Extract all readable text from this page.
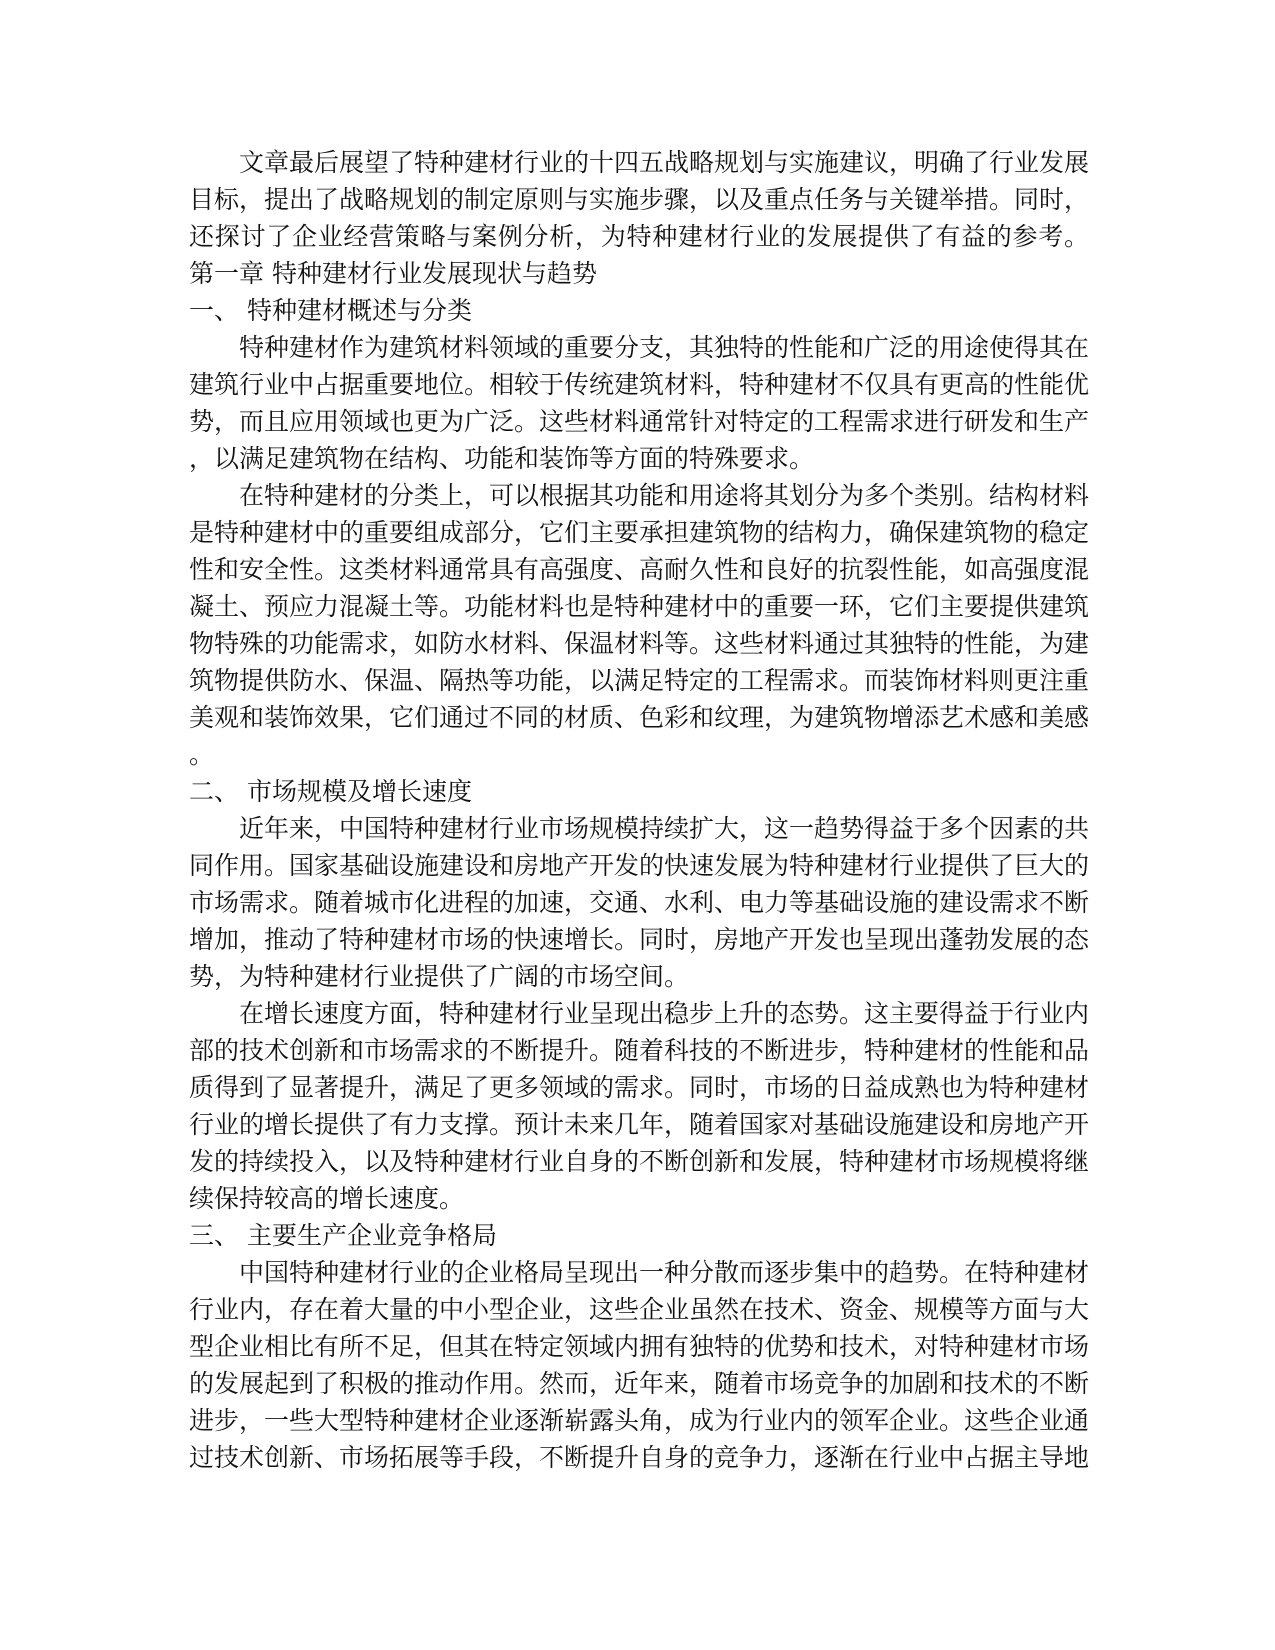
文章最后展望了特种建材行业的十四五战略规划与实施建议，明确了行业发展
目标，提出了战略规划的制定原则与实施步骤，以及重点任务与关键举措。同时，
还探讨了企业经营策略与案例分析，为特种建材行业的发展提供了有益的参考。
第一章 特种建材行业发展现状与趋势
一、 特种建材概述与分类
特种建材作为建筑材料领域的重要分支，其独特的性能和广泛的用途使得其在
建筑行业中占据重要地位。相较于传统建筑材料，特种建材不仅具有更高的性能优
势，而且应用领域也更为广泛。这些材料通常针对特定的工程需求进行研发和生产
，以满足建筑物在结构、功能和装饰等方面的特殊要求。
在特种建材的分类上，可以根据其功能和用途将其划分为多个类别。结构材料
是特种建材中的重要组成部分，它们主要承担建筑物的结构力，确保建筑物的稳定
性和安全性。这类材料通常具有高强度、高耐久性和良好的抗裂性能，如高强度混
凝土、预应力混凝土等。功能材料也是特种建材中的重要一环，它们主要提供建筑
物特殊的功能需求，如防水材料、保温材料等。这些材料通过其独特的性能，为建
筑物提供防水、保温、隔热等功能，以满足特定的工程需求。而装饰材料则更注重
美观和装饰效果，它们通过不同的材质、色彩和纹理，为建筑物增添艺术感和美感
。
二、 市场规模及增长速度
近年来，中国特种建材行业市场规模持续扩大，这一趋势得益于多个因素的共
同作用。国家基础设施建设和房地产开发的快速发展为特种建材行业提供了巨大的
市场需求。随着城市化进程的加速，交通、水利、电力等基础设施的建设需求不断
增加，推动了特种建材市场的快速增长。同时，房地产开发也呈现出蓬勃发展的态
势，为特种建材行业提供了广阔的市场空间。
在增长速度方面，特种建材行业呈现出稳步上升的态势。这主要得益于行业内
部的技术创新和市场需求的不断提升。随着科技的不断进步，特种建材的性能和品
质得到了显著提升，满足了更多领域的需求。同时，市场的日益成熟也为特种建材
行业的增长提供了有力支撑。预计未来几年，随着国家对基础设施建设和房地产开
发的持续投入，以及特种建材行业自身的不断创新和发展，特种建材市场规模将继
续保持较高的增长速度。
三、 主要生产企业竞争格局
中国特种建材行业的企业格局呈现出一种分散而逐步集中的趋势。在特种建材
行业内，存在着大量的中小型企业，这些企业虽然在技术、资金、规模等方面与大
型企业相比有所不足，但其在特定领域内拥有独特的优势和技术，对特种建材市场
的发展起到了积极的推动作用。然而，近年来，随着市场竞争的加剧和技术的不断
进步，一些大型特种建材企业逐渐崭露头角，成为行业内的领军企业。这些企业通
过技术创新、市场拓展等手段，不断提升自身的竞争力，逐渐在行业中占据主导地
